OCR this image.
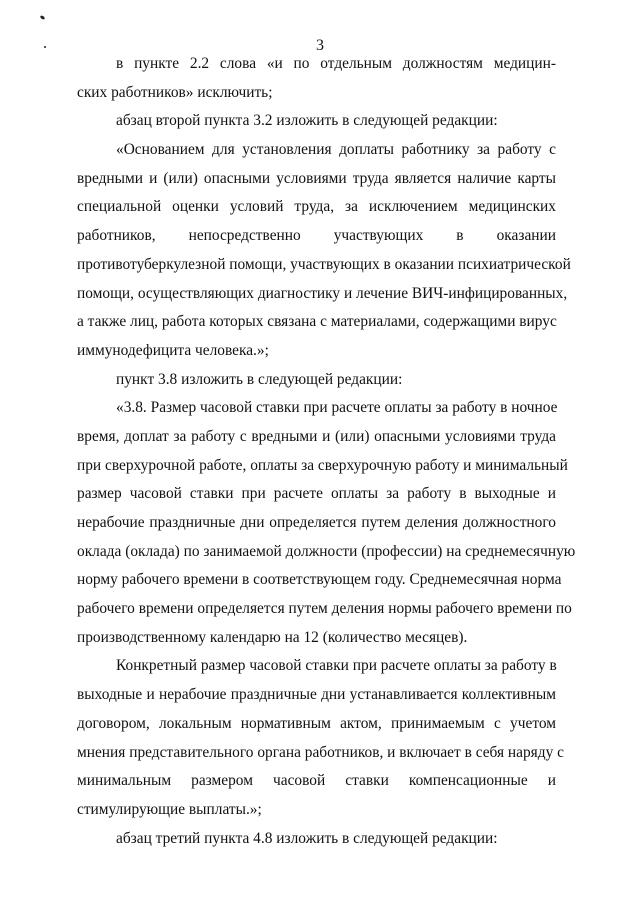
3
в пункте 2.2 слова «и по отдельным должностям медицин-
ских работников» исключить;
абзац второй пункта 3.2 изложить в следующей редакции:
«Основанием для установления доплаты работнику за работу с
вредными и (или) опасными условиями труда является наличие карты
специальной оценки условий труда, за исключением медицинских
работников, непосредственно участвующих в оказании
противотуберкулезной помощи, участвующих в оказании психиатрической
помощи, осуществляющих диагностику и лечение ВИЧ-инфицированных,
а также лиц, работа которых связана с материалами, содержащими вирус
иммунодефицита человека.»;
пункт 3.8 изложить в следующей редакции:
«3.8. Размер часовой ставки при расчете оплаты за работу в ночное
время, доплат за работу с вредными и (или) опасными условиями труда
при сверхурочной работе, оплаты за сверхурочную работу и минимальный
размер часовой ставки при расчете оплаты за работу в выходные и
нерабочие праздничные дни определяется путем деления должностного
оклада (оклада) по занимаемой должности (профессии) на среднемесячную
норму рабочего времени в соответствующем году. Среднемесячная норма
рабочего времени определяется путем деления нормы рабочего времени по
производственному календарю на 12 (количество месяцев).
Конкретный размер часовой ставки при расчете оплаты за работу в
выходные и нерабочие праздничные дни устанавливается коллективным
договором, локальным нормативным актом, принимаемым с учетом
мнения представительного органа работников, и включает в себя наряду с
минимальным размером часовой ставки компенсационные и
стимулирующие выплаты.»;
абзац третий пункта 4.8 изложить в следующей редакции:
